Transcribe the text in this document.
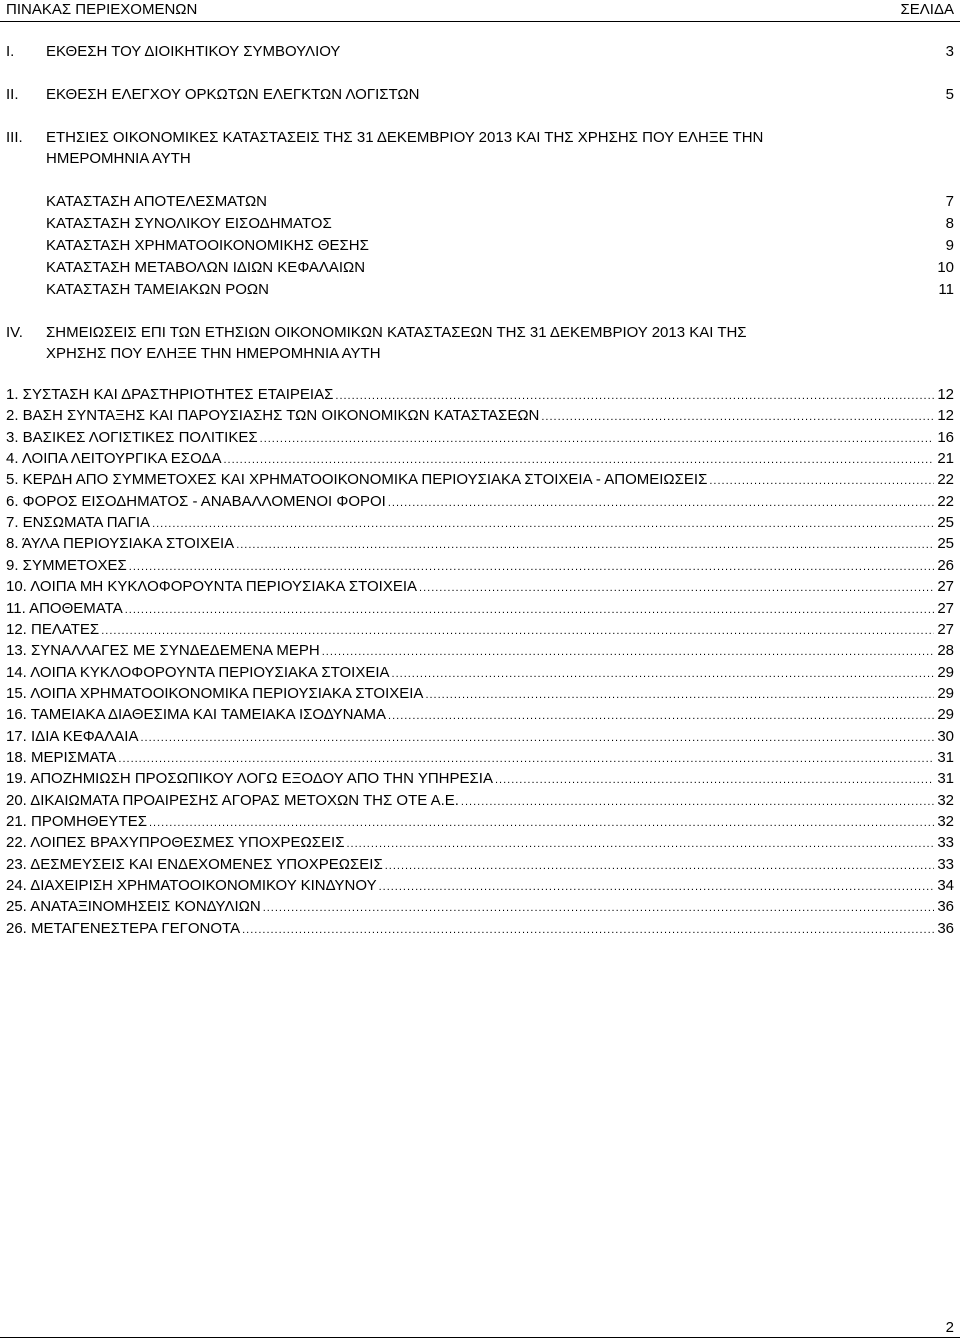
ΠΙΝΑΚΑΣ ΠΕΡΙΕΧΟΜΕΝΩΝ	ΣΕΛΙΔΑ
I. ΕΚΘΕΣΗ ΤΟΥ ΔΙΟΙΚΗΤΙΚΟΥ ΣΥΜΒΟΥΛΙΟΥ	3
II. ΕΚΘΕΣΗ ΕΛΕΓΧΟΥ ΟΡΚΩΤΩΝ ΕΛΕΓΚΤΩΝ ΛΟΓΙΣΤΩΝ	5
III. ΕΤΗΣΙΕΣ ΟΙΚΟΝΟΜΙΚΕΣ ΚΑΤΑΣΤΑΣΕΙΣ ΤΗΣ 31 ΔΕΚΕΜΒΡΙΟΥ 2013 ΚΑΙ ΤΗΣ ΧΡΗΣΗΣ ΠΟΥ ΕΛΗΞΕ ΤΗΝ
ΗΜΕΡΟΜΗΝΙΑ ΑΥΤΗ
ΚΑΤΑΣΤΑΣΗ ΑΠΟΤΕΛΕΣΜΑΤΩΝ	7
ΚΑΤΑΣΤΑΣΗ ΣΥΝΟΛΙΚΟΥ ΕΙΣΟΔΗΜΑΤΟΣ	8
ΚΑΤΑΣΤΑΣΗ ΧΡΗΜΑΤΟΟΙΚΟΝΟΜΙΚΗΣ ΘΕΣΗΣ	9
ΚΑΤΑΣΤΑΣΗ ΜΕΤΑΒΟΛΩΝ ΙΔΙΩΝ ΚΕΦΑΛΑΙΩΝ	10
ΚΑΤΑΣΤΑΣΗ ΤΑΜΕΙΑΚΩΝ ΡΟΩΝ	11
IV. ΣΗΜΕΙΩΣΕΙΣ ΕΠΙ ΤΩΝ ΕΤΗΣΙΩΝ ΟΙΚΟΝΟΜΙΚΩΝ ΚΑΤΑΣΤΑΣΕΩΝ ΤΗΣ 31 ΔΕΚΕΜΒΡΙΟΥ 2013 ΚΑΙ ΤΗΣ
ΧΡΗΣΗΣ ΠΟΥ ΕΛΗΞΕ ΤΗΝ ΗΜΕΡΟΜΗΝΙΑ ΑΥΤΗ
1. ΣΥΣΤΑΣΗ ΚΑΙ ΔΡΑΣΤΗΡΙΟΤΗΤΕΣ ΕΤΑΙΡΕΙΑΣ .....	12
2. ΒΑΣΗ ΣΥΝΤΑΞΗΣ ΚΑΙ ΠΑΡΟΥΣΙΑΣΗΣ ΤΩΝ ΟΙΚΟΝΟΜΙΚΩΝ ΚΑΤΑΣΤΑΣΕΩΝ .....	12
3. ΒΑΣΙΚΕΣ ΛΟΓΙΣΤΙΚΕΣ ΠΟΛΙΤΙΚΕΣ .....	16
4. ΛΟΙΠΑ ΛΕΙΤΟΥΡΓΙΚΑ ΕΣΟΔΑ .....	21
5. ΚΕΡΔΗ ΑΠΟ ΣΥΜΜΕΤΟΧΕΣ ΚΑΙ ΧΡΗΜΑΤΟΟΙΚΟΝΟΜΙΚΑ ΠΕΡΙΟΥΣΙΑΚΑ ΣΤΟΙΧΕΙΑ - ΑΠΟΜΕΙΩΣΕΙΣ .....	22
6. ΦΟΡΟΣ ΕΙΣΟΔΗΜΑΤΟΣ - ΑΝΑΒΑΛΛΟΜΕΝΟΙ ΦΟΡΟΙ .....	22
7. ΕΝΣΩΜΑΤΑ ΠΑΓΙΑ .....	25
8. ΆΥΛΑ ΠΕΡΙΟΥΣΙΑΚΑ ΣΤΟΙΧΕΙΑ .....	25
9. ΣΥΜΜΕΤΟΧΕΣ .....	26
10. ΛΟΙΠΑ ΜΗ ΚΥΚΛΟΦΟΡΟΥΝΤΑ ΠΕΡΙΟΥΣΙΑΚΑ ΣΤΟΙΧΕΙΑ .....	27
11. ΑΠΟΘΕΜΑΤΑ .....	27
12. ΠΕΛΑΤΕΣ .....	27
13. ΣΥΝΑΛΛΑΓΕΣ ΜΕ ΣΥΝΔΕΔΕΜΕΝΑ ΜΕΡΗ .....	28
14. ΛΟΙΠΑ ΚΥΚΛΟΦΟΡΟΥΝΤΑ ΠΕΡΙΟΥΣΙΑΚΑ ΣΤΟΙΧΕΙΑ .....	29
15. ΛΟΙΠΑ ΧΡΗΜΑΤΟΟΙΚΟΝΟΜΙΚΑ ΠΕΡΙΟΥΣΙΑΚΑ ΣΤΟΙΧΕΙΑ .....	29
16. ΤΑΜΕΙΑΚΑ ΔΙΑΘΕΣΙΜΑ ΚΑΙ ΤΑΜΕΙΑΚΑ ΙΣΟΔΥΝΑΜΑ .....	29
17. ΙΔΙΑ ΚΕΦΑΛΑΙΑ .....	30
18. ΜΕΡΙΣΜΑΤΑ .....	31
19. ΑΠΟΖΗΜΙΩΣΗ ΠΡΟΣΩΠΙΚΟΥ ΛΟΓΩ ΕΞΟΔΟΥ ΑΠΟ ΤΗΝ ΥΠΗΡΕΣΙΑ .....	31
20. ΔΙΚΑΙΩΜΑΤΑ ΠΡΟΑΙΡΕΣΗΣ ΑΓΟΡΑΣ ΜΕΤΟΧΩΝ ΤΗΣ ΟΤΕ Α.Ε. .....	32
21. ΠΡΟΜΗΘΕΥΤΕΣ .....	32
22. ΛΟΙΠΕΣ ΒΡΑΧΥΠΡΟΘΕΣΜΕΣ ΥΠΟΧΡΕΩΣΕΙΣ .....	33
23. ΔΕΣΜΕΥΣΕΙΣ ΚΑΙ ΕΝΔΕΧΟΜΕΝΕΣ ΥΠΟΧΡΕΩΣΕΙΣ .....	33
24. ΔΙΑΧΕΙΡΙΣΗ ΧΡΗΜΑΤΟΟΙΚΟΝΟΜΙΚΟΥ ΚΙΝΔΥΝΟΥ .....	34
25. ΑΝΑΤΑΞΙΝΟΜΗΣΕΙΣ ΚΟΝΔΥΛΙΩΝ .....	36
26. ΜΕΤΑΓΕΝΕΣΤΕΡΑ ΓΕΓΟΝΟΤΑ .....	36
2
